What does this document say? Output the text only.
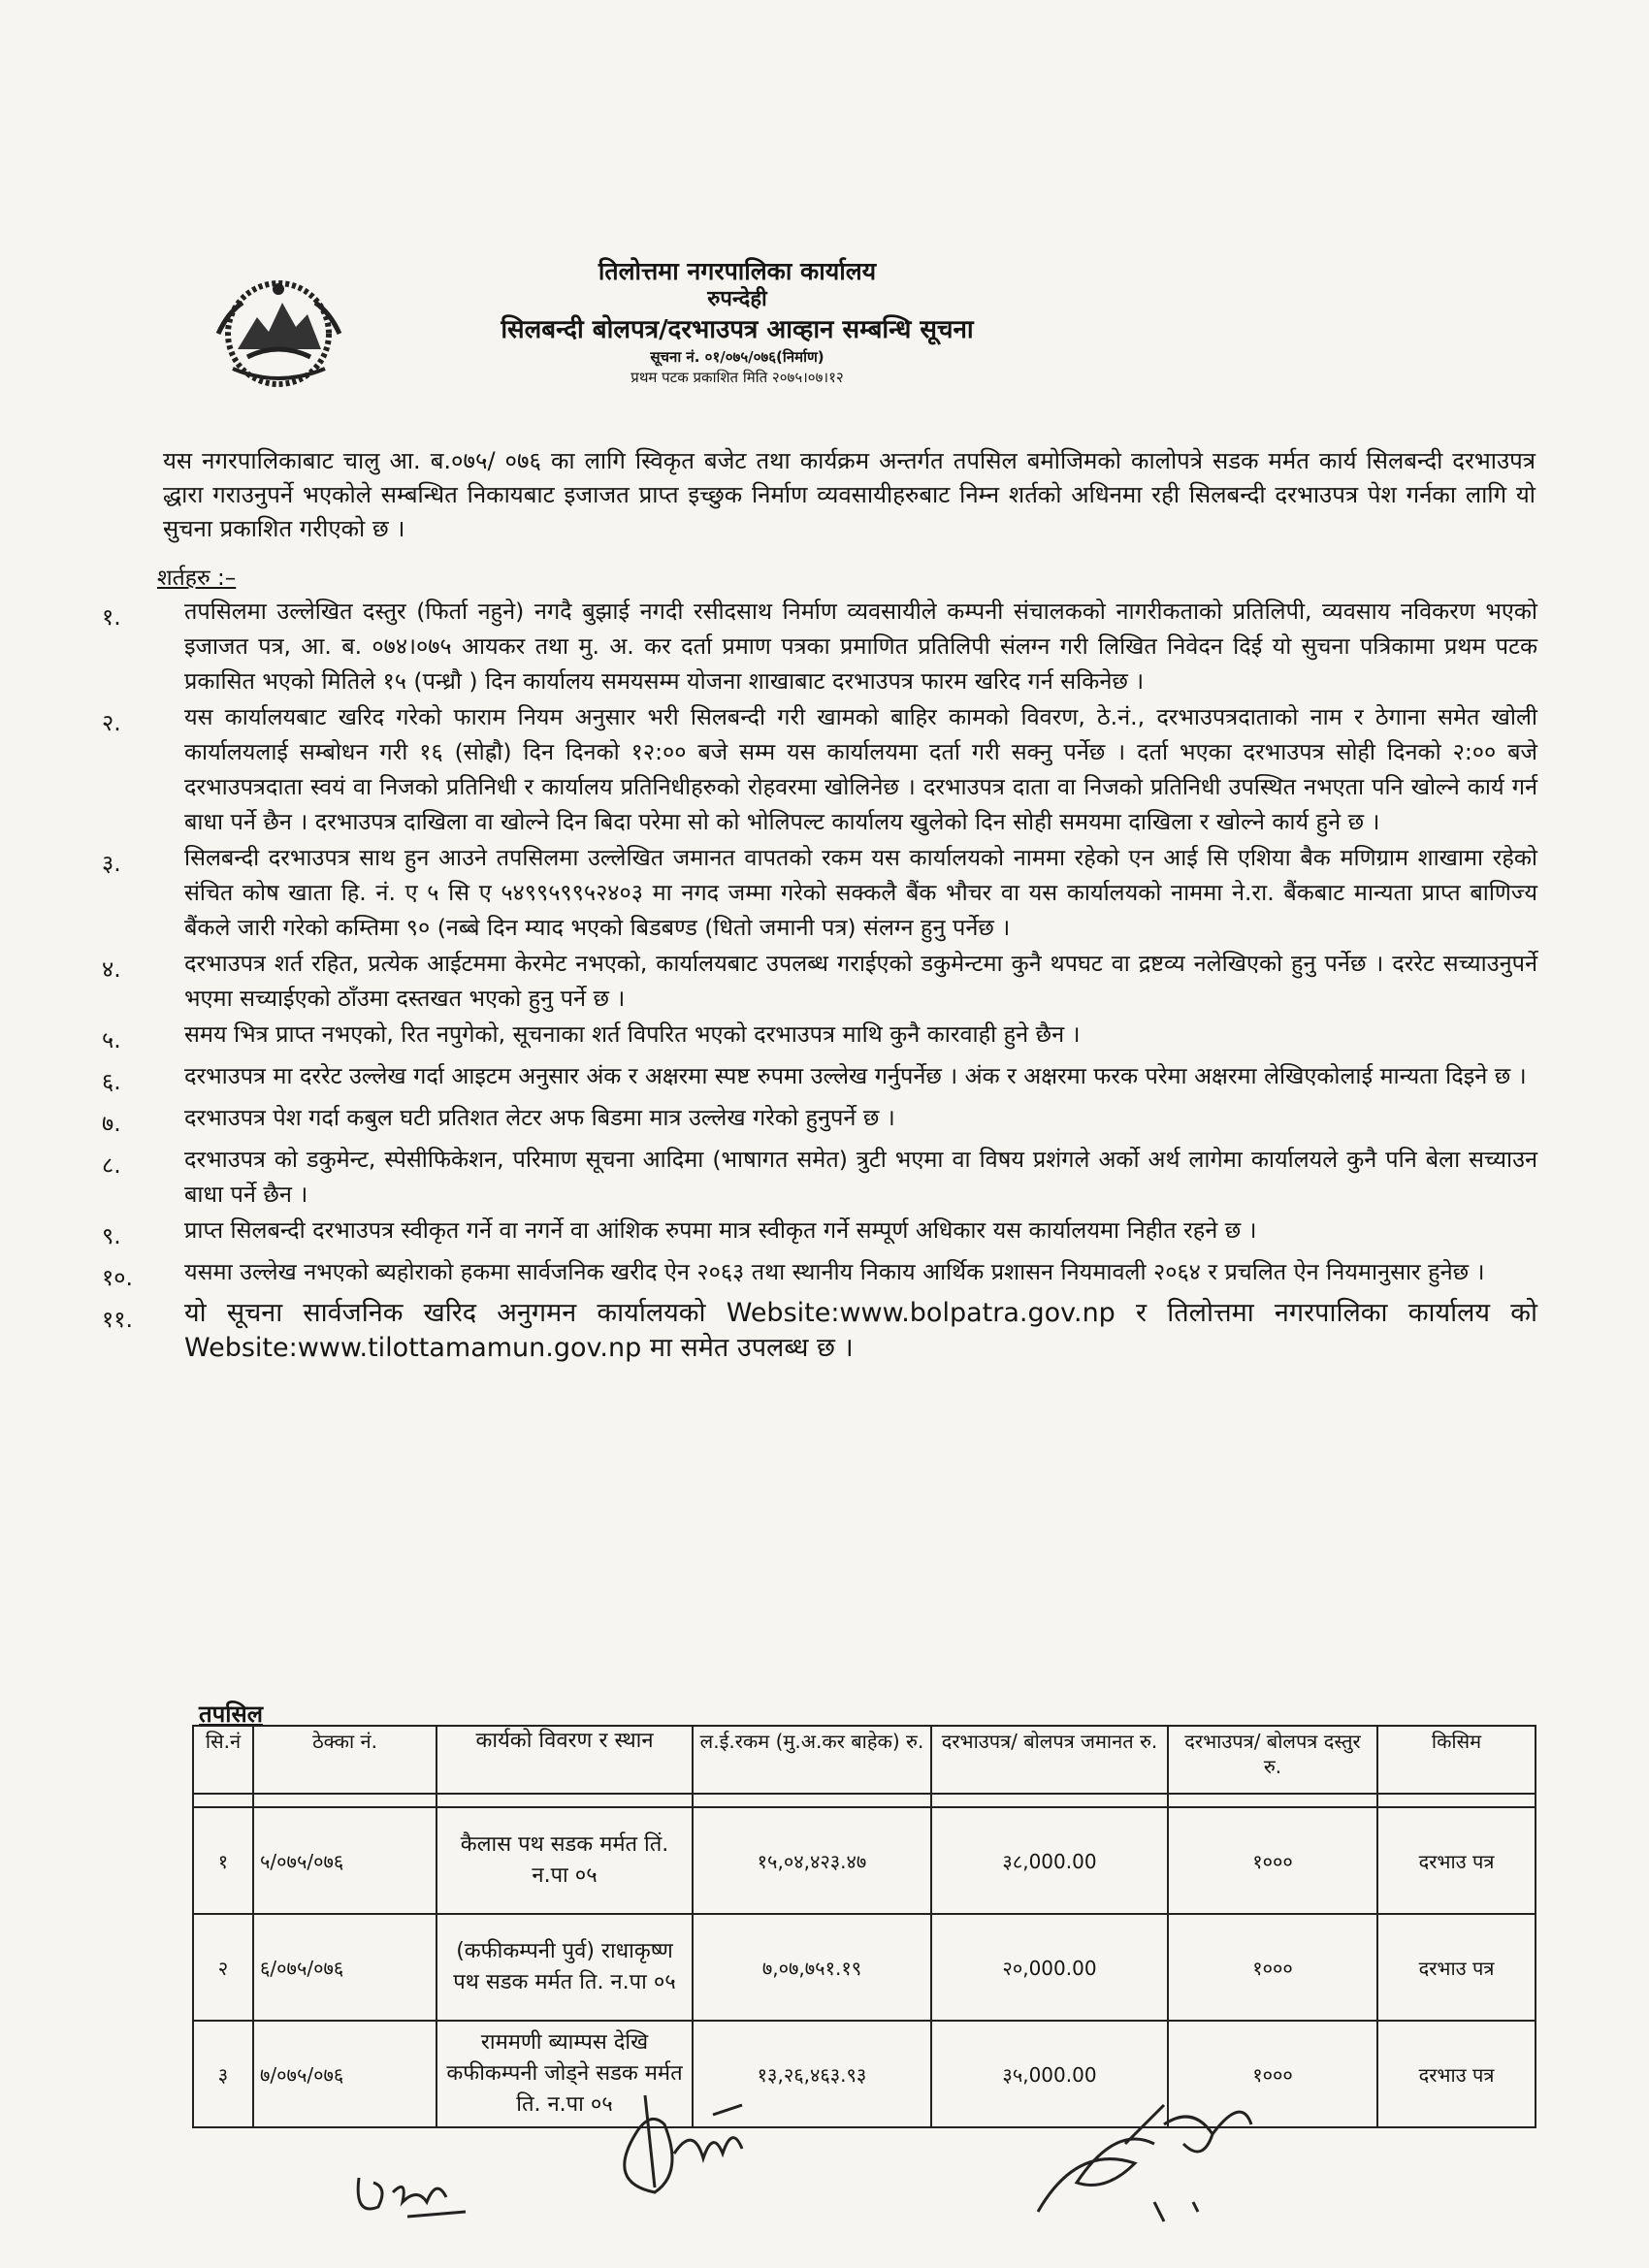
तिलोत्तमा नगरपालिका कार्यालय
रुपन्देही
सिलबन्दी बोलपत्र/दरभाउपत्र आव्हान सम्बन्धि सूचना
सूचना नं. ०१/०७५/०७६(निर्माण)
प्रथम पटक प्रकाशित मिति २०७५।०७।१२
यस नगरपालिकाबाट चालु आ. ब.०७५/ ०७६ का लागि स्विकृत बजेट तथा कार्यक्रम अन्तर्गत तपसिल बमोजिमको कालोपत्रे सडक मर्मत कार्य सिलबन्दी दरभाउपत्र द्धारा गराउनुपर्ने भएकोले सम्बन्धित निकायबाट इजाजत प्राप्त इच्छुक निर्माण व्यवसायीहरुबाट निम्न शर्तको अधिनमा रही सिलबन्दी दरभाउपत्र पेश गर्नका लागि यो सुचना प्रकाशित गरीएको छ ।
शर्तहरु :–
१.	तपसिलमा उल्लेखित दस्तुर (फिर्ता नहुने) नगदै बुझाई नगदी रसीदसाथ निर्माण व्यवसायीले कम्पनी संचालकको नागरीकताको प्रतिलिपी, व्यवसाय नविकरण भएको इजाजत पत्र, आ. ब. ०७४।०७५ आयकर तथा मु. अ. कर दर्ता प्रमाण पत्रका प्रमाणित प्रतिलिपी संलग्न गरी लिखित निवेदन दिई यो सुचना पत्रिकामा प्रथम पटक प्रकासित भएको मितिले १५ (पन्ध्रौ ) दिन कार्यालय समयसम्म योजना शाखाबाट दरभाउपत्र फारम खरिद गर्न सकिनेछ ।
२.	यस कार्यालयबाट खरिद गरेको फाराम नियम अनुसार भरी सिलबन्दी गरी खामको बाहिर कामको विवरण, ठे.नं., दरभाउपत्रदाताको नाम र ठेगाना समेत खोली कार्यालयलाई सम्बोधन गरी १६ (सोह्रौ) दिन दिनको १२:०० बजे सम्म यस कार्यालयमा दर्ता गरी सक्नु पर्नेछ । दर्ता भएका दरभाउपत्र सोही दिनको २:०० बजे दरभाउपत्रदाता स्वयं वा निजको प्रतिनिधी र कार्यालय प्रतिनिधीहरुको रोहवरमा खोलिनेछ । दरभाउपत्र दाता वा निजको प्रतिनिधी उपस्थित नभएता पनि खोल्ने कार्य गर्न बाधा पर्ने छैन । दरभाउपत्र दाखिला वा खोल्ने दिन बिदा परेमा सो को भोलिपल्ट कार्यालय खुलेको दिन सोही समयमा दाखिला र खोल्ने कार्य हुने छ ।
३.	सिलबन्दी दरभाउपत्र साथ हुन आउने तपसिलमा उल्लेखित जमानत वापतको रकम यस कार्यालयको नाममा रहेको एन आई सि एशिया बैक मणिग्राम शाखामा रहेको संचित कोष खाता हि. नं. ए ५ सि ए ५४९९५९९५२४०३ मा नगद जम्मा गरेको सक्कलै बैंक भौचर वा यस कार्यालयको नाममा ने.रा. बैंकबाट मान्यता प्राप्त बाणिज्य बैंकले जारी गरेको कम्तिमा ९० (नब्बे दिन म्याद भएको बिडबण्ड (धितो जमानी पत्र) संलग्न हुनु पर्नेछ ।
४.	दरभाउपत्र शर्त रहित, प्रत्येक आईटममा केरमेट नभएको, कार्यालयबाट उपलब्ध गराईएको डकुमेन्टमा कुनै थपघट वा द्रष्टव्य नलेखिएको हुनु पर्नेछ । दररेट सच्याउनुपर्ने भएमा सच्याईएको ठाँउमा दस्तखत भएको हुनु पर्ने छ ।
५.	समय भित्र प्राप्त नभएको, रित नपुगेको, सूचनाका शर्त विपरित भएको दरभाउपत्र माथि कुनै कारवाही हुने छैन ।
६.	दरभाउपत्र मा दररेट उल्लेख गर्दा आइटम अनुसार अंक र अक्षरमा स्पष्ट रुपमा उल्लेख गर्नुपर्नेछ । अंक र अक्षरमा फरक परेमा अक्षरमा लेखिएकोलाई मान्यता दिइने छ ।
७.	दरभाउपत्र पेश गर्दा कबुल घटी प्रतिशत लेटर अफ बिडमा मात्र उल्लेख गरेको हुनुपर्ने छ ।
८.	दरभाउपत्र को डकुमेन्ट, स्पेसीफिकेशन, परिमाण सूचना आदिमा (भाषागत समेत) त्रुटी भएमा वा विषय प्रशंगले अर्को अर्थ लागेमा कार्यालयले कुनै पनि बेला सच्याउन बाधा पर्ने छैन ।
९.	प्राप्त सिलबन्दी दरभाउपत्र स्वीकृत गर्ने वा नगर्ने वा आंशिक रुपमा मात्र स्वीकृत गर्ने सम्पूर्ण अधिकार यस कार्यालयमा निहीत रहने छ ।
१०.	यसमा उल्लेख नभएको ब्यहोराको हकमा सार्वजनिक खरीद ऐन २०६३ तथा स्थानीय निकाय आर्थिक प्रशासन नियमावली २०६४ र प्रचलित ऐन नियमानुसार हुनेछ ।
११.	यो सूचना सार्वजनिक खरिद अनुगमन कार्यालयको Website:www.bolpatra.gov.np र तिलोत्तमा नगरपालिका कार्यालय को Website:www.tilottamamun.gov.np मा समेत उपलब्ध छ ।
तपसिल
सि.नं	ठेक्का नं.	कार्यको विवरण र स्थान	ल.ई.रकम (मु.अ.कर बाहेक) रु.	दरभाउपत्र/ बोलपत्र जमानत रु.	दरभाउपत्र/ बोलपत्र दस्तुर रु.	किसिम

१	५/०७५/०७६	कैलास पथ सडक मर्मत तिं. न.पा ०५	१५,०४,४२३.४७	३८,000.00	१०००	दरभाउ पत्र
२	६/०७५/०७६	(कफीकम्पनी पुर्व) राधाकृष्ण पथ सडक मर्मत ति. न.पा ०५	७,०७,७५१.१९	२०,000.00	१०००	दरभाउ पत्र
३	७/०७५/०७६	राममणी ब्याम्पस देखि कफीकम्पनी जोड्ने सडक मर्मत ति. न.पा ०५	१३,२६,४६३.९३	३५,000.00	१०००	दरभाउ पत्र
